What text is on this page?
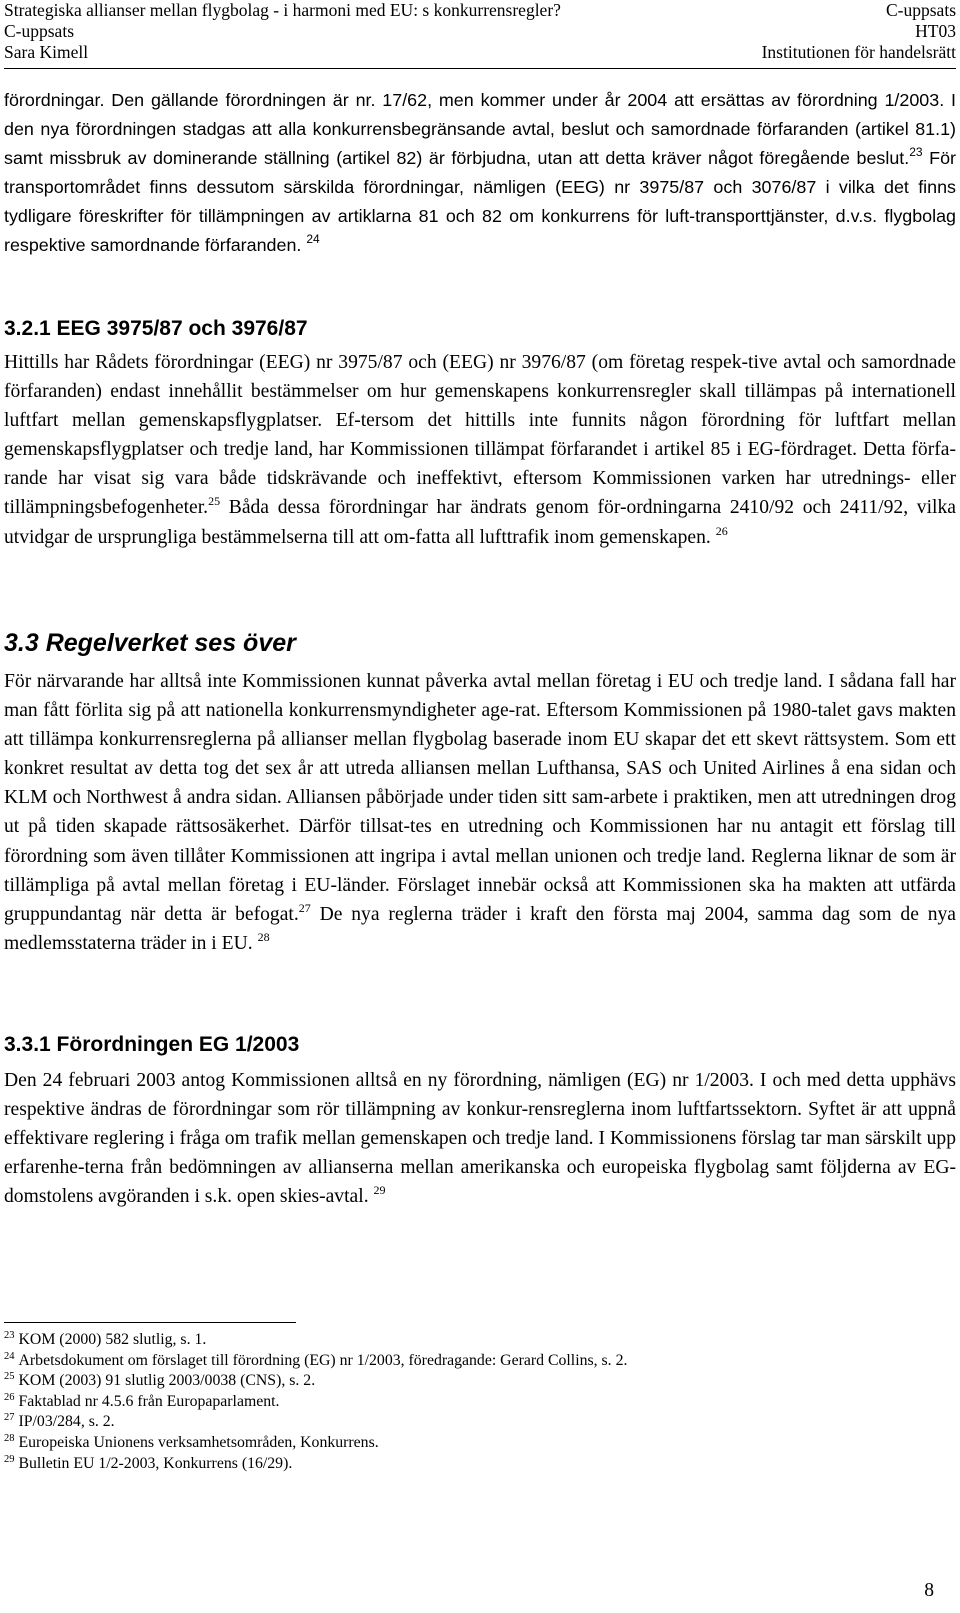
Strategiska allianser mellan flygbolag - i harmoni med EU: s konkurrensregler?	C-uppsats
C-uppsats	HT03
Sara Kimell	Institutionen för handelsrätt
förordningar. Den gällande förordningen är nr. 17/62, men kommer under år 2004 att ersättas av förordning 1/2003. I den nya förordningen stadgas att alla konkurrensbegränsande avtal, beslut och samordnade förfaranden (artikel 81.1) samt missbruk av dominerande ställning (artikel 82) är förbjudna, utan att detta kräver något föregående beslut.$^{23}$ För transportområdet finns dessutom särskilda förordningar, nämligen (EEG) nr 3975/87 och 3076/87 i vilka det finns tydligare föreskrifter för tillämpningen av artiklarna 81 och 82 om konkurrens för luft-transporttjänster, d.v.s. flygbolag respektive samordnande förfaranden. $^{24}$
3.2.1 EEG 3975/87 och 3976/87
Hittills har Rådets förordningar (EEG) nr 3975/87 och (EEG) nr 3976/87 (om företag respek-tive avtal och samordnade förfaranden) endast innehållit bestämmelser om hur gemenskapens konkurrensregler skall tillämpas på internationell luftfart mellan gemenskapsflygplatser. Ef-tersom det hittills inte funnits någon förordning för luftfart mellan gemenskapsflygplatser och tredje land, har Kommissionen tillämpat förfarandet i artikel 85 i EG-fördraget. Detta förfa-rande har visat sig vara både tidskrävande och ineffektivt, eftersom Kommissionen varken har utrednings- eller tillämpningsbefogenheter.$^{25}$ Båda dessa förordningar har ändrats genom för-ordningarna 2410/92 och 2411/92, vilka utvidgar de ursprungliga bestämmelserna till att om-fatta all lufttrafik inom gemenskapen. $^{26}$
3.3 Regelverket ses över
För närvarande har alltså inte Kommissionen kunnat påverka avtal mellan företag i EU och tredje land. I sådana fall har man fått förlita sig på att nationella konkurrensmyndigheter age-rat. Eftersom Kommissionen på 1980-talet gavs makten att tillämpa konkurrensreglerna på allianser mellan flygbolag baserade inom EU skapar det ett skevt rättsystem. Som ett konkret resultat av detta tog det sex år att utreda alliansen mellan Lufthansa, SAS och United Airlines å ena sidan och KLM och Northwest å andra sidan. Alliansen påbörjade under tiden sitt sam-arbete i praktiken, men att utredningen drog ut på tiden skapade rättsosäkerhet. Därför tillsat-tes en utredning och Kommissionen har nu antagit ett förslag till förordning som även tillåter Kommissionen att ingripa i avtal mellan unionen och tredje land. Reglerna liknar de som är tillämpliga på avtal mellan företag i EU-länder. Förslaget innebär också att Kommissionen ska ha makten att utfärda gruppundantag när detta är befogat.$^{27}$ De nya reglerna träder i kraft den första maj 2004, samma dag som de nya medlemsstaterna träder in i EU. $^{28}$
3.3.1 Förordningen EG 1/2003
Den 24 februari 2003 antog Kommissionen alltså en ny förordning, nämligen (EG) nr 1/2003. I och med detta upphävs respektive ändras de förordningar som rör tillämpning av konkur-rensreglerna inom luftfartssektorn. Syftet är att uppnå effektivare reglering i fråga om trafik mellan gemenskapen och tredje land. I Kommissionens förslag tar man särskilt upp erfarenhe-terna från bedömningen av allianserna mellan amerikanska och europeiska flygbolag samt följderna av EG-domstolens avgöranden i s.k. open skies-avtal. $^{29}$
$^{23}$ KOM (2000) 582 slutlig, s. 1.
$^{24}$ Arbetsdokument om förslaget till förordning (EG) nr 1/2003, föredragande: Gerard Collins, s. 2.
$^{25}$ KOM (2003) 91 slutlig 2003/0038 (CNS), s. 2.
$^{26}$ Faktablad nr 4.5.6 från Europaparlament.
$^{27}$ IP/03/284, s. 2.
$^{28}$ Europeiska Unionens verksamhetsområden, Konkurrens.
$^{29}$ Bulletin EU 1/2-2003, Konkurrens (16/29).
8
